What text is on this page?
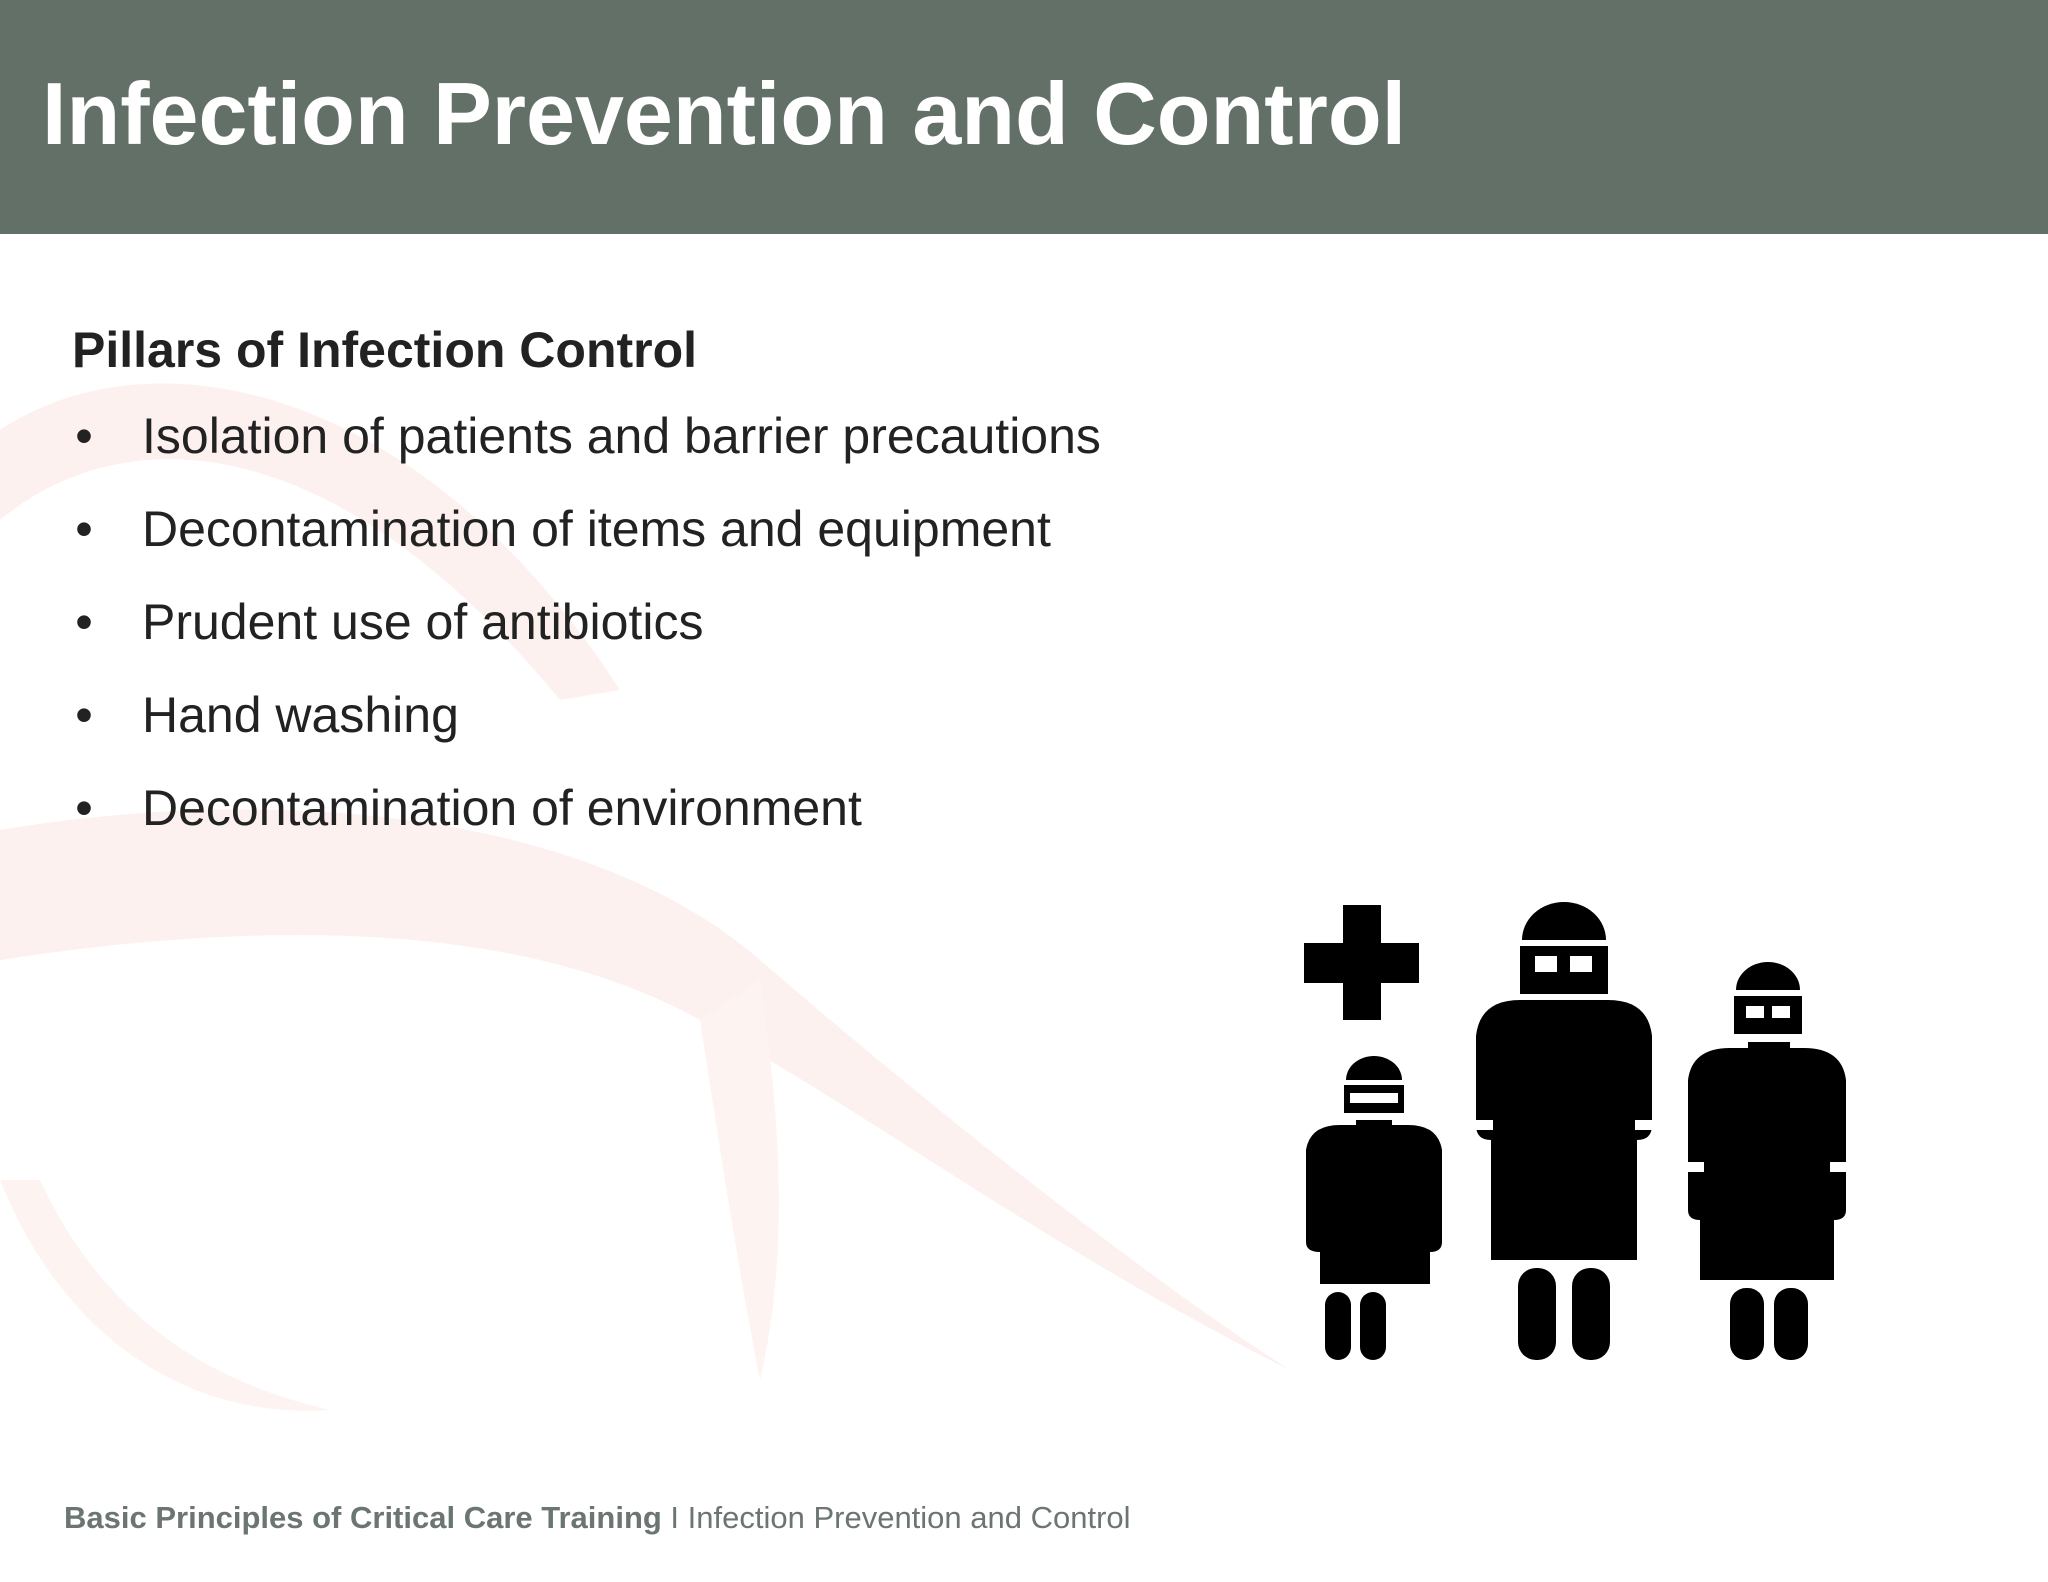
Infection Prevention and Control
Pillars of Infection Control
• Isolation of patients and barrier precautions
• Decontamination of items and equipment
• Prudent use of antibiotics
• Hand washing
• Decontamination of environment
Basic Principles of Critical Care Training I Infection Prevention and Control
